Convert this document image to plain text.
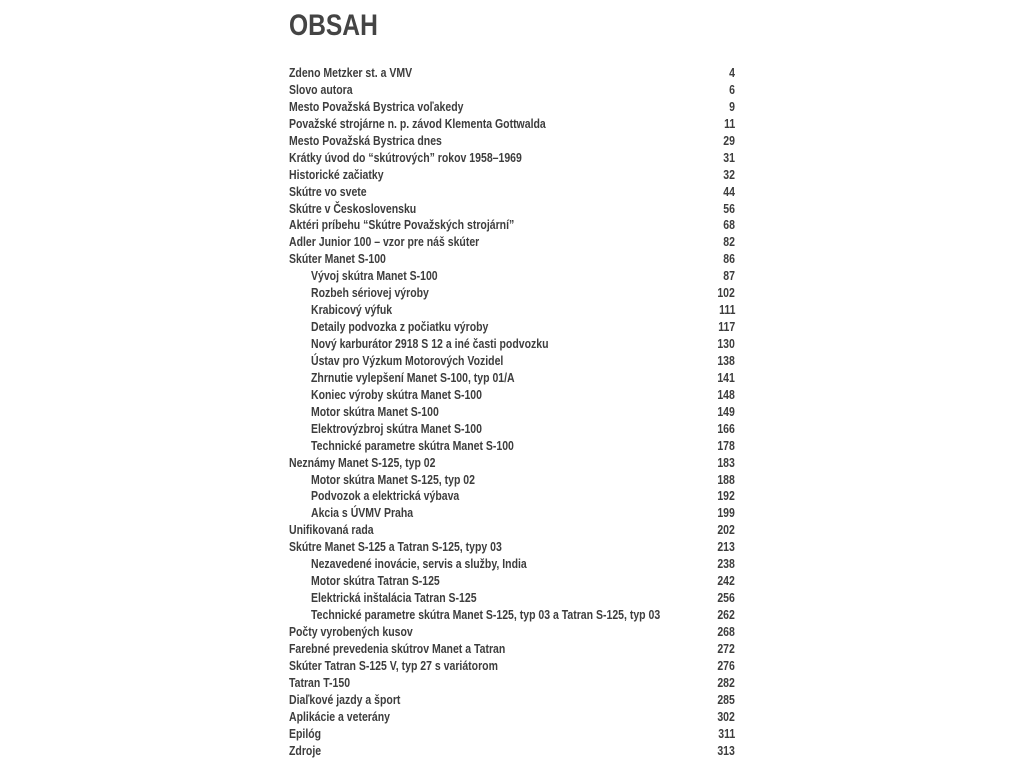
OBSAH
Zdeno Metzker st. a VMV	4
Slovo autora	6
Mesto Považská Bystrica voľakedy	9
Považské strojárne n. p. závod Klementa Gottwalda	11
Mesto Považská Bystrica dnes	29
Krátky úvod do “skútrových” rokov 1958–1969	31
Historické začiatky	32
Skútre vo svete	44
Skútre v Československu	56
Aktéri príbehu “Skútre Považských strojární”	68
Adler Junior 100 – vzor pre náš skúter	82
Skúter Manet S-100	86
Vývoj skútra Manet S-100	87
Rozbeh sériovej výroby	102
Krabicový výfuk	111
Detaily podvozka z počiatku výroby	117
Nový karburátor 2918 S 12 a iné časti podvozku	130
Ústav pro Výzkum Motorových Vozidel	138
Zhrnutie vylepšení Manet S-100, typ 01/A	141
Koniec výroby skútra Manet S-100	148
Motor skútra Manet S-100	149
Elektrovýzbroj skútra Manet S-100	166
Technické parametre skútra Manet S-100	178
Neznámy Manet S-125, typ 02	183
Motor skútra Manet S-125, typ 02	188
Podvozok a elektrická výbava	192
Akcia s ÚVMV Praha	199
Unifikovaná rada	202
Skútre Manet S-125 a Tatran S-125, typy 03	213
Nezavedené inovácie, servis a služby, India	238
Motor skútra Tatran S-125	242
Elektrická inštalácia Tatran S-125	256
Technické parametre skútra Manet S-125, typ 03 a Tatran S-125, typ 03	262
Počty vyrobených kusov	268
Farebné prevedenia skútrov Manet a Tatran	272
Skúter Tatran S-125 V, typ 27 s variátorom	276
Tatran T-150	282
Diaľkové jazdy a šport	285
Aplikácie a veterány	302
Epilóg	311
Zdroje	313
